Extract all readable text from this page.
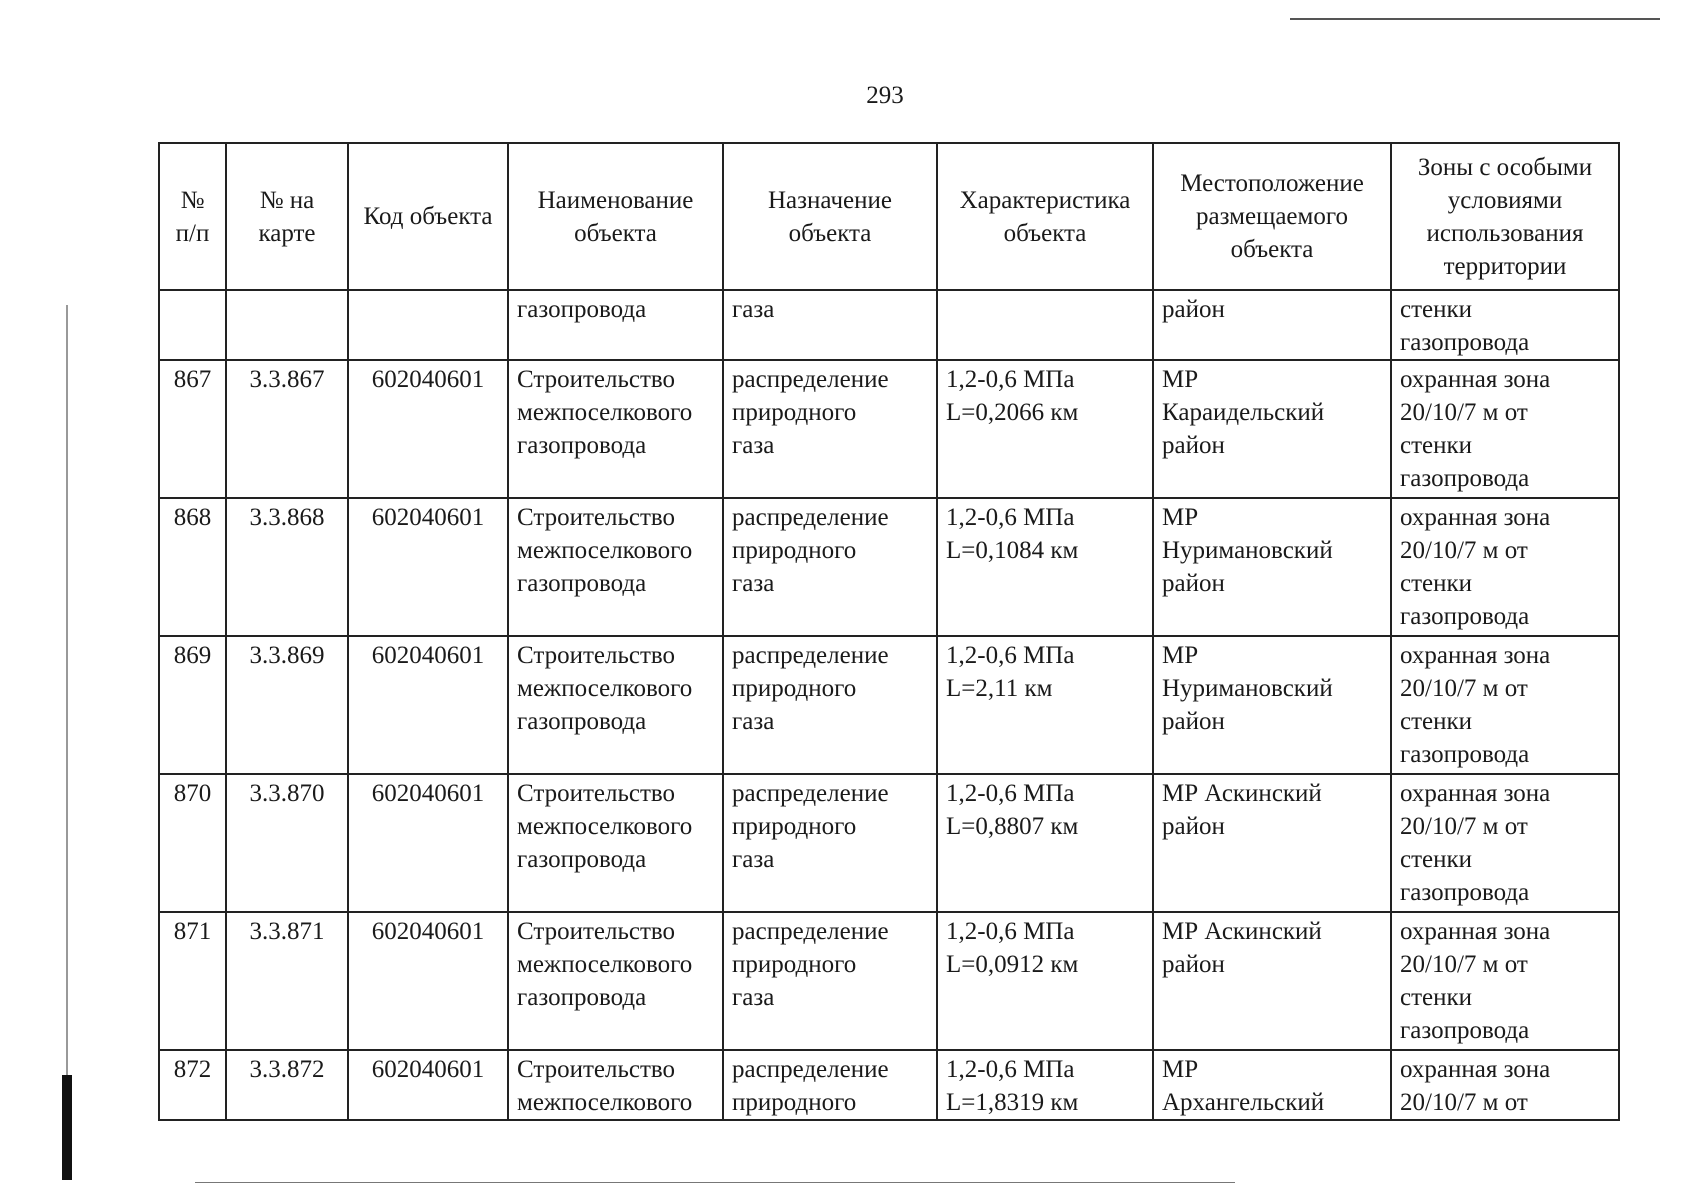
293
№ п/п	№ на карте	Код объекта	Наименование объекта	Назначение объекта	Характеристика объекта	Местоположение размещаемого объекта	Зоны с особыми условиями использования территории

			газопровода	газа		район	стенки
газопровода

867	3.3.867	602040601	Строительство
межпоселкового
газопровода	распределение
природного
газа	1,2-0,6 МПа
L=0,2066 км	МР
Караидельский
район	охранная зона
20/10/7 м от
стенки
газопровода

868	3.3.868	602040601	Строительство
межпоселкового
газопровода	распределение
природного
газа	1,2-0,6 МПа
L=0,1084 км	МР
Нуримановский
район	охранная зона
20/10/7 м от
стенки
газопровода

869	3.3.869	602040601	Строительство
межпоселкового
газопровода	распределение
природного
газа	1,2-0,6 МПа
L=2,11 км	МР
Нуримановский
район	охранная зона
20/10/7 м от
стенки
газопровода

870	3.3.870	602040601	Строительство
межпоселкового
газопровода	распределение
природного
газа	1,2-0,6 МПа
L=0,8807 км	МР Аскинский
район	охранная зона
20/10/7 м от
стенки
газопровода

871	3.3.871	602040601	Строительство
межпоселкового
газопровода	распределение
природного
газа	1,2-0,6 МПа
L=0,0912 км	МР Аскинский
район	охранная зона
20/10/7 м от
стенки
газопровода

872	3.3.872	602040601	Строительство
межпоселкового	распределение
природного	1,2-0,6 МПа
L=1,8319 км	МР
Архангельский	охранная зона
20/10/7 м от
